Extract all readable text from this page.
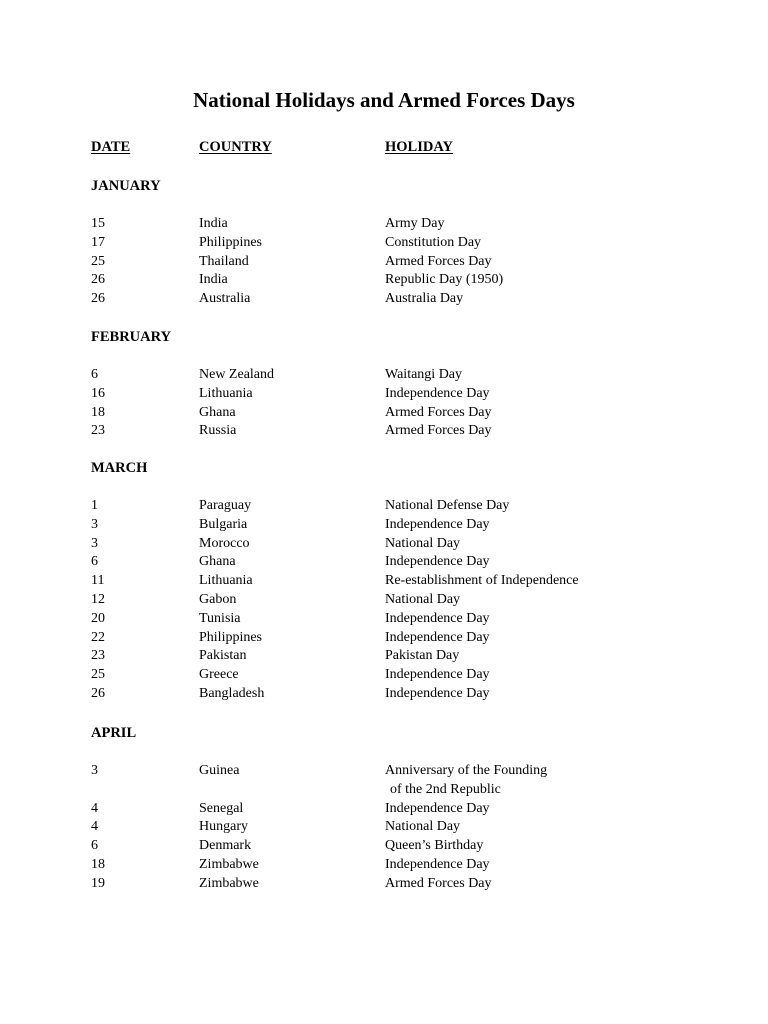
National Holidays and Armed Forces Days
DATE	COUNTRY	HOLIDAY
JANUARY
15	India	Army Day
17	Philippines	Constitution Day
25	Thailand	Armed Forces Day
26	India	Republic Day (1950)
26	Australia	Australia Day
FEBRUARY
6	New Zealand	Waitangi Day
16	Lithuania	Independence Day
18	Ghana	Armed Forces Day
23	Russia	Armed Forces Day
MARCH
1	Paraguay	National Defense Day
3	Bulgaria	Independence Day
3	Morocco	National Day
6	Ghana	Independence Day
11	Lithuania	Re-establishment of Independence
12	Gabon	National Day
20	Tunisia	Independence Day
22	Philippines	Independence Day
23	Pakistan	Pakistan Day
25	Greece	Independence Day
26	Bangladesh	Independence Day
APRIL
3	Guinea	Anniversary of the Founding
of the 2nd Republic
4	Senegal	Independence Day
4	Hungary	National Day
6	Denmark	Queen’s Birthday
18	Zimbabwe	Independence Day
19	Zimbabwe	Armed Forces Day
